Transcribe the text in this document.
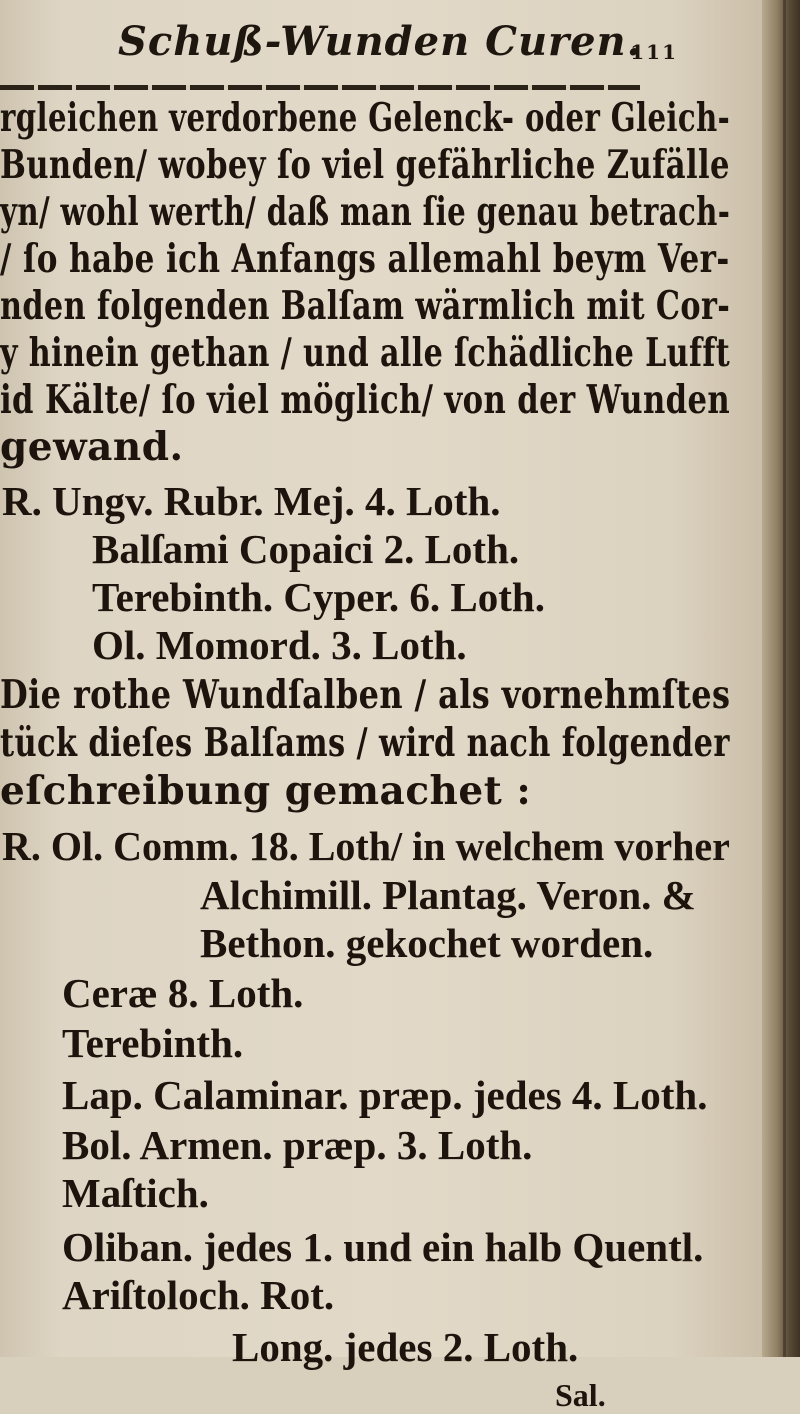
Schuß-Wunden Curen.
111
rgleichen verdorbene Gelenck- oder Gleich-
Bunden/ wobey ſo viel gefährliche Zufälle
yn/ wohl werth/ daß man ſie genau betrach-
/ ſo habe ich Anfangs allemahl beym Ver-
nden folgenden Balſam wärmlich mit Cor-
y hinein gethan / und alle ſchädliche Lufft
id Kälte/ ſo viel möglich/ von der Wunden
gewand.
R. Ungv. Rubr. Mej. 4. Loth.
Balſami Copaici 2. Loth.
Terebinth. Cyper. 6. Loth.
Ol. Momord. 3. Loth.
Die rothe Wundſalben / als vornehmſtes
tück dieſes Balſams / wird nach folgender
eſchreibung gemachet :
R. Ol. Comm. 18. Loth/ in welchem vorher
Alchimill. Plantag. Veron. &
Bethon. gekochet worden.
Ceræ 8. Loth.
Terebinth.
Lap. Calaminar. præp. jedes 4. Loth.
Bol. Armen. præp. 3. Loth.
Maſtich.
Oliban. jedes 1. und ein halb Quentl.
Ariſtoloch. Rot.
Long. jedes 2. Loth.
Sal.
